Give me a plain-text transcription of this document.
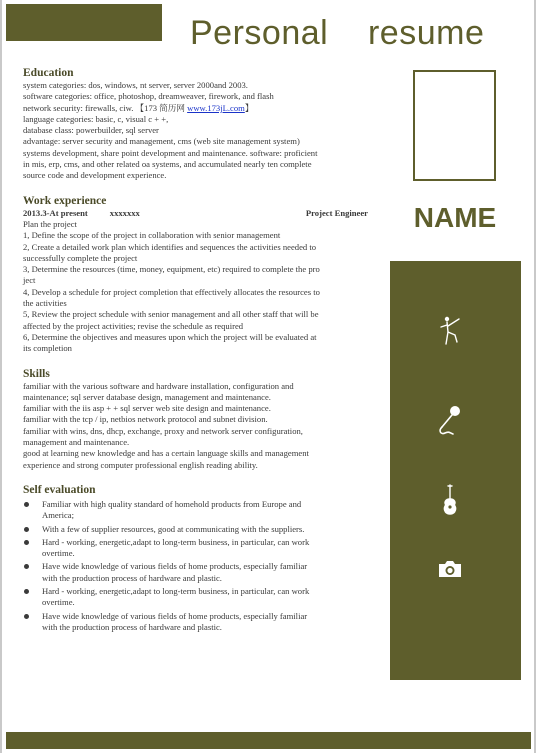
Personal    resume
NAME
Education
system categories: dos, windows, nt server, server 2000and 2003.
software categories: office, photoshop, dreamweaver, firework, and flash
network security: firewalls, ciw. 【173 简历网 www.173jL.com】
language categories: basic, c, visual c + +,
database class: powerbuilder, sql server
advantage: server security and management, cms (web site management system)
systems development, share point development and maintenance. software: proficient
in mis, erp, cms, and other related oa systems, and accumulated nearly ten complete
source code and development experience.
Work experience
2013.3-At present	xxxxxxx	Project Engineer
Plan the project
1, Define the scope of the project in collaboration with senior management
2, Create a detailed work plan which identifies and sequences the activities needed to
successfully complete the project
3, Determine the resources (time, money, equipment, etc) required to complete the pro
ject
4, Develop a schedule for project completion that effectively allocates the resources to
the activities
5, Review the project schedule with senior management and all other staff that will be
affected by the project activities; revise the schedule as required
6, Determine the objectives and measures upon which the project will be evaluated at
its completion
Skills
familiar with the various software and hardware installation, configuration and
maintenance; sql server database design, management and maintenance.
familiar with the iis asp + + sql server web site design and maintenance.
familiar with the tcp / ip, netbios network protocol and subnet division.
familiar with wins, dns, dhcp, exchange, proxy and network server configuration,
management and maintenance.
good at learning new knowledge and has a certain language skills and management
experience and strong computer professional english reading ability.
Self evaluation
Familiar with high quality standard of homehold products from Europe and
America;
With a few of supplier resources, good at communicating with the suppliers.
Hard - working, energetic,adapt to long-term business, in particular, can work
overtime.
Have wide knowledge of various fields of home products, especially familiar
with the production process of hardware and plastic.
Hard - working, energetic,adapt to long-term business, in particular, can work
overtime.
Have wide knowledge of various fields of home products, especially familiar
with the production process of hardware and plastic.
